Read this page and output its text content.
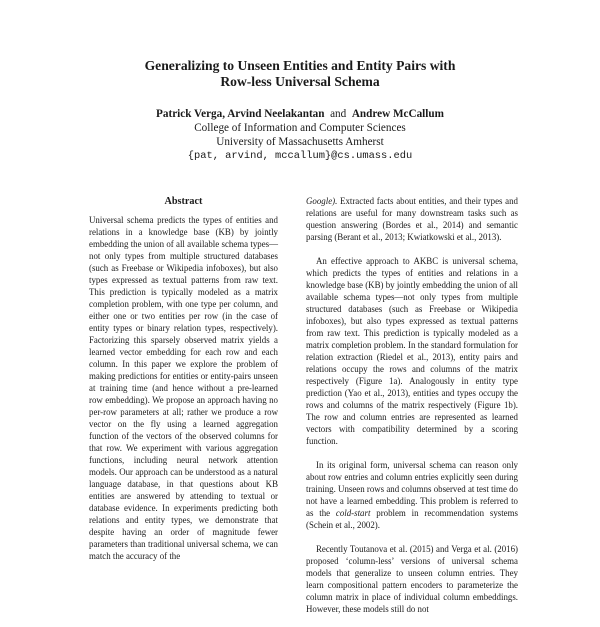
Generalizing to Unseen Entities and Entity Pairs with
Row-less Universal Schema
Patrick Verga, Arvind Neelakantan and Andrew McCallum
College of Information and Computer Sciences
University of Massachusetts Amherst
{pat, arvind, mccallum}@cs.umass.edu
Abstract

Universal schema predicts the types of entities and relations in a knowledge base (KB) by jointly embedding the union of all available schema types—not only types from multiple structured databases (such as Freebase or Wikipedia infoboxes), but also types expressed as textual patterns from raw text. This prediction is typically modeled as a matrix completion problem, with one type per column, and either one or two entities per row (in the case of entity types or binary relation types, respectively). Factorizing this sparsely observed matrix yields a learned vector embedding for each row and each column. In this paper we explore the problem of making predictions for entities or entity-pairs unseen at training time (and hence without a pre-learned row embedding). We propose an approach having no per-row parameters at all; rather we produce a row vector on the fly using a learned aggregation function of the vectors of the observed columns for that row. We experiment with various aggregation functions, including neural network attention models. Our approach can be understood as a natural language database, in that questions about KB entities are answered by attending to textual or database evidence. In experiments predicting both relations and entity types, we demonstrate that despite having an order of magnitude fewer parameters than traditional universal schema, we can match the accuracy of the

Google). Extracted facts about entities, and their types and relations are useful for many downstream tasks such as question answering (Bordes et al., 2014) and semantic parsing (Berant et al., 2013; Kwiatkowski et al., 2013).

An effective approach to AKBC is universal schema, which predicts the types of entities and relations in a knowledge base (KB) by jointly embedding the union of all available schema types—not only types from multiple structured databases (such as Freebase or Wikipedia infoboxes), but also types expressed as textual patterns from raw text. This prediction is typically modeled as a matrix completion problem. In the standard formulation for relation extraction (Riedel et al., 2013), entity pairs and relations occupy the rows and columns of the matrix respectively (Figure 1a). Analogously in entity type prediction (Yao et al., 2013), entities and types occupy the rows and columns of the matrix respectively (Figure 1b). The row and column entries are represented as learned vectors with compatibility determined by a scoring function.

In its original form, universal schema can reason only about row entries and column entries explicitly seen during training. Unseen rows and columns observed at test time do not have a learned embedding. This problem is referred to as the cold-start problem in recommendation systems (Schein et al., 2002).

Recently Toutanova et al. (2015) and Verga et al. (2016) proposed ‘column-less’ versions of universal schema models that generalize to unseen column entries. They learn compositional pattern encoders to parameterize the column matrix in place of individual column embeddings. However, these models still do not
